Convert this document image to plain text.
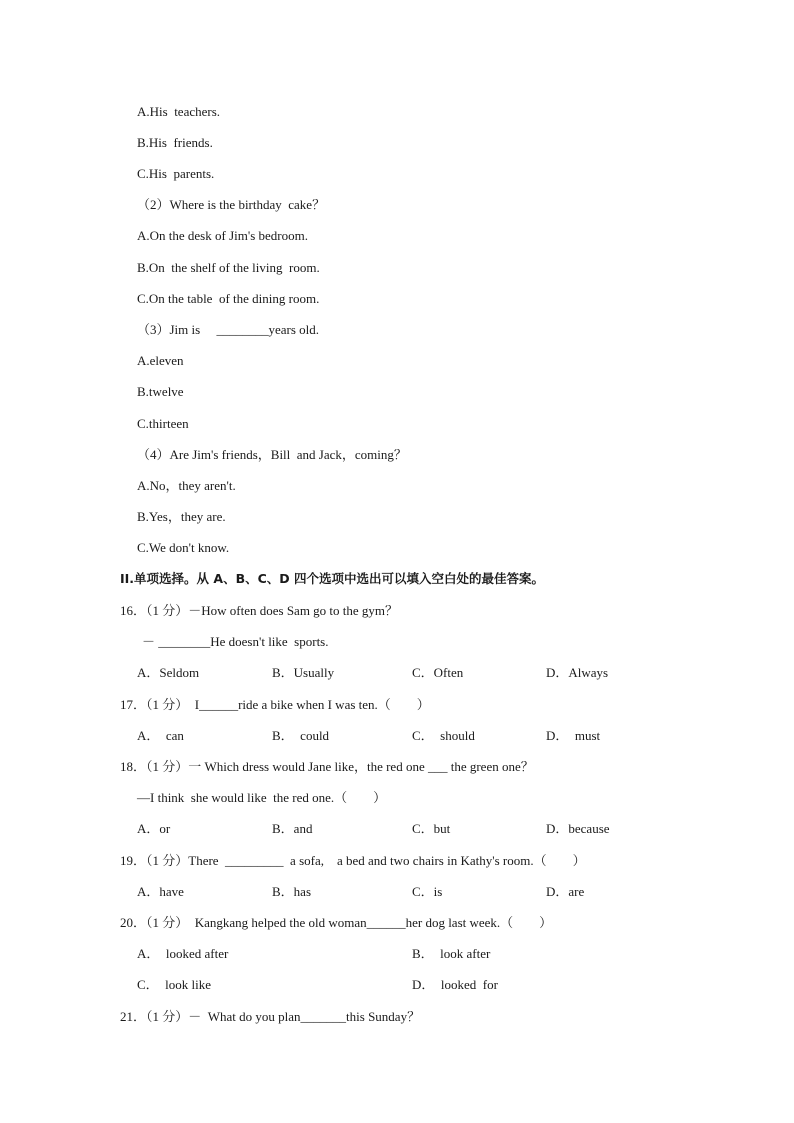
A.His  teachers.
B.His  friends.
C.His  parents.
（2）Where is the birthday  cake？
A.On the desk of Jim's bedroom.
B.On  the shelf of the living  room.
C.On the table  of the dining room.
（3）Jim is     ________years old.
A.eleven
B.twelve
C.thirteen
（4）Are Jim's friends，Bill  and Jack，coming？
A.No，they aren't.
B.Yes，they are.
C.We don't know.
II.单项选择。从 A、B、C、D 四个选项中选出可以填入空白处的最佳答案。
16．（1 分）－How often does Sam go to the gym？
－ ________He doesn't like  sports.
A．Seldom	B．Usually	C．Often	D．Always
17．（1 分）  I______ride a bike when I was ten.（        ）
A．  can	B．  could	C．  should	D．  must
18．（1 分）一 Which dress would Jane like，the red one ___ the green one？
—I think  she would like  the red one.（        ）
A．or	B．and	C．but	D．because
19．（1 分）There  _________  a sofa,    a bed and two chairs in Kathy's room.（        ）
A．have	B．has	C．is	D．are
20．（1 分）  Kangkang helped the old woman______her dog last week.（        ）
A．  looked after	B．  look after
C．  look like	D．  looked  for
21．（1 分）－  What do you plan_______this Sunday？
